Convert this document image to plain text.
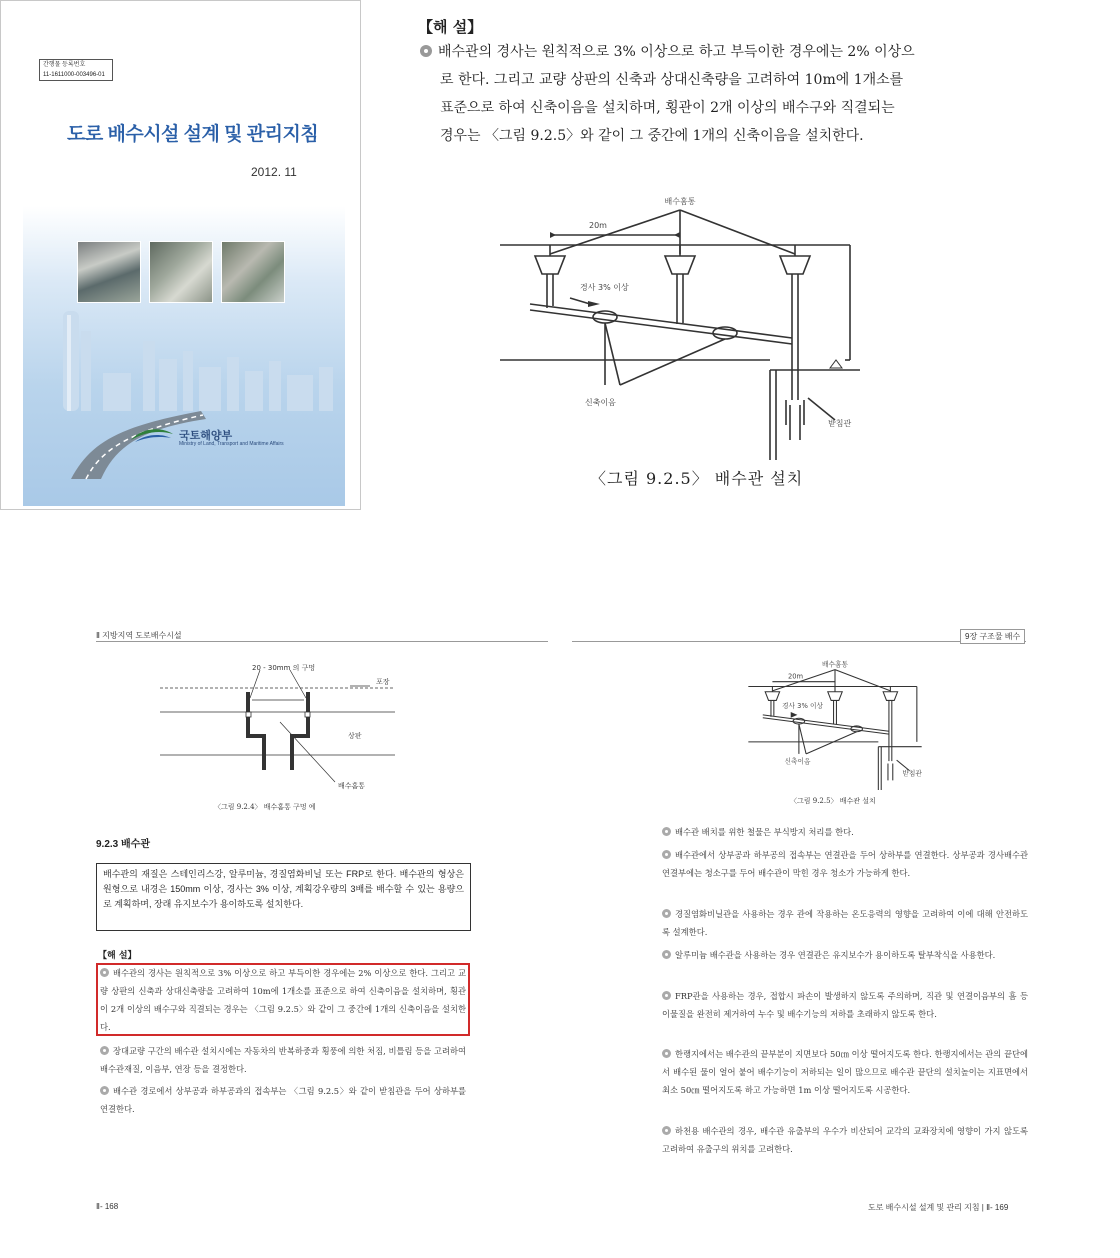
간행물 등록번호
11-1611000-003496-01
도로 배수시설 설계 및 관리지침
2012. 11
국토해양부
Ministry of Land, Transport and Maritime Affairs
【해 설】
배수관의 경사는 원칙적으로 3% 이상으로 하고 부득이한 경우에는 2% 이상으
로 한다. 그리고 교량 상판의 신축과 상대신축량을 고려하여 10m에 1개소를
표준으로 하여 신축이음을 설치하며, 횡관이 2개 이상의 배수구와 직결되는
경우는 〈그림 9.2.5〉와 같이 그 중간에 1개의 신축이음을 설치한다.
배수홈통
20m
경사 3% 이상
신축이음
받침관
〈그림 9.2.5〉 배수관 설치
Ⅱ 지방지역 도로배수시설
20 - 30mm 의 구멍
포장
상판
배수홈통
〈그림 9.2.4〉 배수홈통 구멍 예
9.2.3 배수관
배수관의 재질은 스테인리스강, 알루미늄, 경질염화비닐 또는 FRP로 한다. 배수관의 형상은 원형으로 내경은 150mm 이상, 경사는 3% 이상, 계획강우량의 3배를 배수할 수 있는 용량으로 계획하며, 장래 유지보수가 용이하도록 설치한다.
【해 설】
배수관의 경사는 원칙적으로 3% 이상으로 하고 부득이한 경우에는 2% 이상으로 한다. 그리고 교량 상판의 신축과 상대신축량을 고려하여 10m에 1개소를 표준으로 하여 신축이음을 설치하며, 횡관이 2개 이상의 배수구와 직결되는 경우는 〈그림 9.2.5〉와 같이 그 중간에 1개의 신축이음을 설치한다.
장대교량 구간의 배수관 설치시에는 자동차의 반복하중과 횡풍에 의한 처짐, 비틀림 등을 고려하여 배수관재질, 이음부, 연장 등을 결정한다.
배수관 경로에서 상부공과 하부공과의 접속부는 〈그림 9.2.5〉와 같이 받침관을 두어 상하부를 연결한다.
Ⅱ- 168
9장 구조물 배수
배수홈통
20m
경사 3% 이상
신축이음
받침관
〈그림 9.2.5〉 배수관 설치
배수관 배치를 위한 철물은 부식방지 처리를 한다.
배수관에서 상부공과 하부공의 접속부는 연결관을 두어 상하부를 연결한다. 상부공과 경사배수관 연결부에는 청소구를 두어 배수관이 막힌 경우 청소가 가능하게 한다.
경질염화비닐관을 사용하는 경우 관에 작용하는 온도응력의 영향을 고려하여 이에 대해 안전하도록 설계한다.
알루미늄 배수관을 사용하는 경우 연결관은 유지보수가 용이하도록 탈부착식을 사용한다.
FRP관을 사용하는 경우, 접합시 파손이 발생하지 않도록 주의하며, 직관 및 연결이음부의 흠 등 이물질을 완전히 제거하여 누수 및 배수기능의 저하를 초래하지 않도록 한다.
한랭지에서는 배수관의 끝부분이 지면보다 50㎝ 이상 떨어지도록 한다. 한랭지에서는 관의 끝단에서 배수된 물이 얼어 붙어 배수기능이 저하되는 일이 많으므로 배수관 끝단의 설치높이는 지표면에서 최소 50㎝ 떨어지도록 하고 가능하면 1m 이상 떨어지도록 시공한다.
하천용 배수관의 경우, 배수관 유출부의 우수가 비산되어 교각의 교좌장치에 영향이 가지 않도록 고려하여 유출구의 위치를 고려한다.
도로 배수시설 설계 및 관리 지침 | Ⅱ- 169
